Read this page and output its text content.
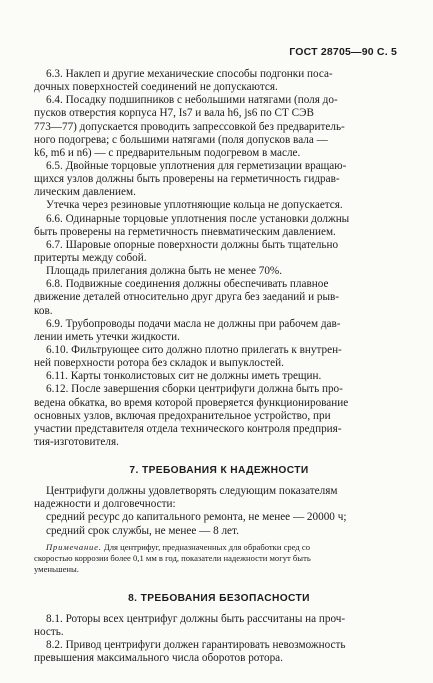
ГОСТ 28705—90 С. 5
6.3. Наклеп и другие механические способы подгонки поса-
дочных поверхностей соединений не допускаются.
6.4. Посадку подшипников с небольшими натягами (поля до-
пусков отверстия корпуса H7, Is7 и вала h6, js6 по СТ СЭВ
773—77) допускается проводить запрессовкой без предваритель-
ного подогрева; с большими натягами (поля допусков вала —
k6, m6 и n6) — с предварительным подогревом в масле.
6.5. Двойные торцовые уплотнения для герметизации вращаю-
щихся узлов должны быть проверены на герметичность гидрав-
лическим давлением.
Утечка через резиновые уплотняющие кольца не допускается.
6.6. Одинарные торцовые уплотнения после установки должны
быть проверены на герметичность пневматическим давлением.
6.7. Шаровые опорные поверхности должны быть тщательно
притерты между собой.
Площадь прилегания должна быть не менее 70%.
6.8. Подвижные соединения должны обеспечивать плавное
движение деталей относительно друг друга без заеданий и рыв-
ков.
6.9. Трубопроводы подачи масла не должны при рабочем дав-
лении иметь утечки жидкости.
6.10. Фильтрующее сито должно плотно прилегать к внутрен-
ней поверхности ротора без складок и выпуклостей.
6.11. Карты тонколистовых сит не должны иметь трещин.
6.12. После завершения сборки центрифуги должна быть про-
ведена обкатка, во время которой проверяется функционирование
основных узлов, включая предохранительное устройство, при
участии представителя отдела технического контроля предприя-
тия-изготовителя.
7. ТРЕБОВАНИЯ К НАДЕЖНОСТИ
Центрифуги должны удовлетворять следующим показателям
надежности и долговечности:
средний ресурс до капитального ремонта, не менее — 20000 ч;
средний срок службы, не менее — 8 лет.
Примечание. Для центрифуг, предназначенных для обработки сред со
скоростью коррозии более 0,1 мм в год, показатели надежности могут быть
уменьшены.
8. ТРЕБОВАНИЯ БЕЗОПАСНОСТИ
8.1. Роторы всех центрифуг должны быть рассчитаны на проч-
ность.
8.2. Привод центрифуги должен гарантировать невозможность
превышения максимального числа оборотов ротора.
